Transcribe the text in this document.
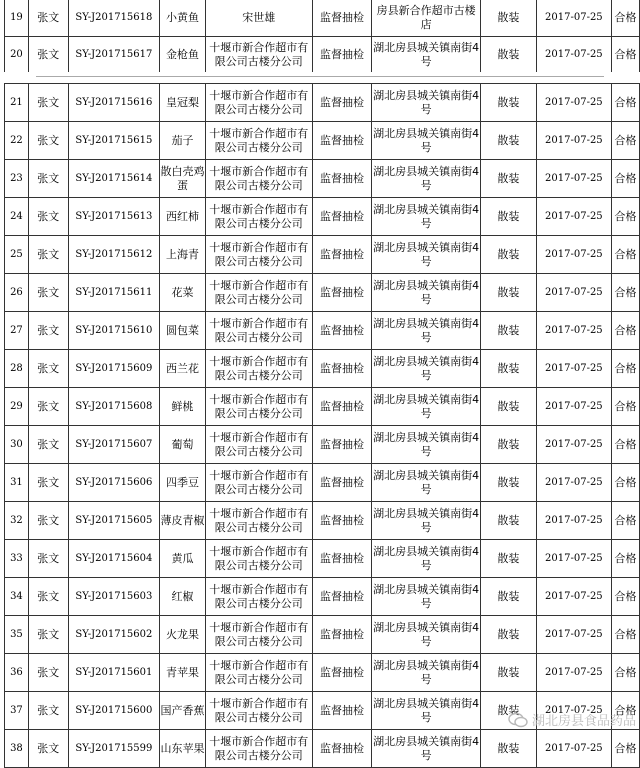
19	张文	SY-J201715618	小黄鱼	宋世雄	监督抽检	房县新合作超市古楼店	散装	2017-07-25	合格
20	张文	SY-J201715617	金枪鱼	十堰市新合作超市有限公司古楼分公司	监督抽检	湖北房县城关镇南街4号	散装	2017-07-25	合格
21	张文	SY-J201715616	皇冠梨	十堰市新合作超市有限公司古楼分公司	监督抽检	湖北房县城关镇南街4号	散装	2017-07-25	合格
22	张文	SY-J201715615	茄子	十堰市新合作超市有限公司古楼分公司	监督抽检	湖北房县城关镇南街4号	散装	2017-07-25	合格
23	张文	SY-J201715614	散白壳鸡蛋	十堰市新合作超市有限公司古楼分公司	监督抽检	湖北房县城关镇南街4号	散装	2017-07-25	合格
24	张文	SY-J201715613	西红柿	十堰市新合作超市有限公司古楼分公司	监督抽检	湖北房县城关镇南街4号	散装	2017-07-25	合格
25	张文	SY-J201715612	上海青	十堰市新合作超市有限公司古楼分公司	监督抽检	湖北房县城关镇南街4号	散装	2017-07-25	合格
26	张文	SY-J201715611	花菜	十堰市新合作超市有限公司古楼分公司	监督抽检	湖北房县城关镇南街4号	散装	2017-07-25	合格
27	张文	SY-J201715610	圆包菜	十堰市新合作超市有限公司古楼分公司	监督抽检	湖北房县城关镇南街4号	散装	2017-07-25	合格
28	张文	SY-J201715609	西兰花	十堰市新合作超市有限公司古楼分公司	监督抽检	湖北房县城关镇南街4号	散装	2017-07-25	合格
29	张文	SY-J201715608	鲜桃	十堰市新合作超市有限公司古楼分公司	监督抽检	湖北房县城关镇南街4号	散装	2017-07-25	合格
30	张文	SY-J201715607	葡萄	十堰市新合作超市有限公司古楼分公司	监督抽检	湖北房县城关镇南街4号	散装	2017-07-25	合格
31	张文	SY-J201715606	四季豆	十堰市新合作超市有限公司古楼分公司	监督抽检	湖北房县城关镇南街4号	散装	2017-07-25	合格
32	张文	SY-J201715605	薄皮青椒	十堰市新合作超市有限公司古楼分公司	监督抽检	湖北房县城关镇南街4号	散装	2017-07-25	合格
33	张文	SY-J201715604	黄瓜	十堰市新合作超市有限公司古楼分公司	监督抽检	湖北房县城关镇南街4号	散装	2017-07-25	合格
34	张文	SY-J201715603	红椒	十堰市新合作超市有限公司古楼分公司	监督抽检	湖北房县城关镇南街4号	散装	2017-07-25	合格
35	张文	SY-J201715602	火龙果	十堰市新合作超市有限公司古楼分公司	监督抽检	湖北房县城关镇南街4号	散装	2017-07-25	合格
36	张文	SY-J201715601	青苹果	十堰市新合作超市有限公司古楼分公司	监督抽检	湖北房县城关镇南街4号	散装	2017-07-25	合格
37	张文	SY-J201715600	国产香蕉	十堰市新合作超市有限公司古楼分公司	监督抽检	湖北房县城关镇南街4号	散装	2017-07-25	合格
38	张文	SY-J201715599	山东苹果	十堰市新合作超市有限公司古楼分公司	监督抽检	湖北房县城关镇南街4号	散装	2017-07-25	合格
湖北房县食品药品
